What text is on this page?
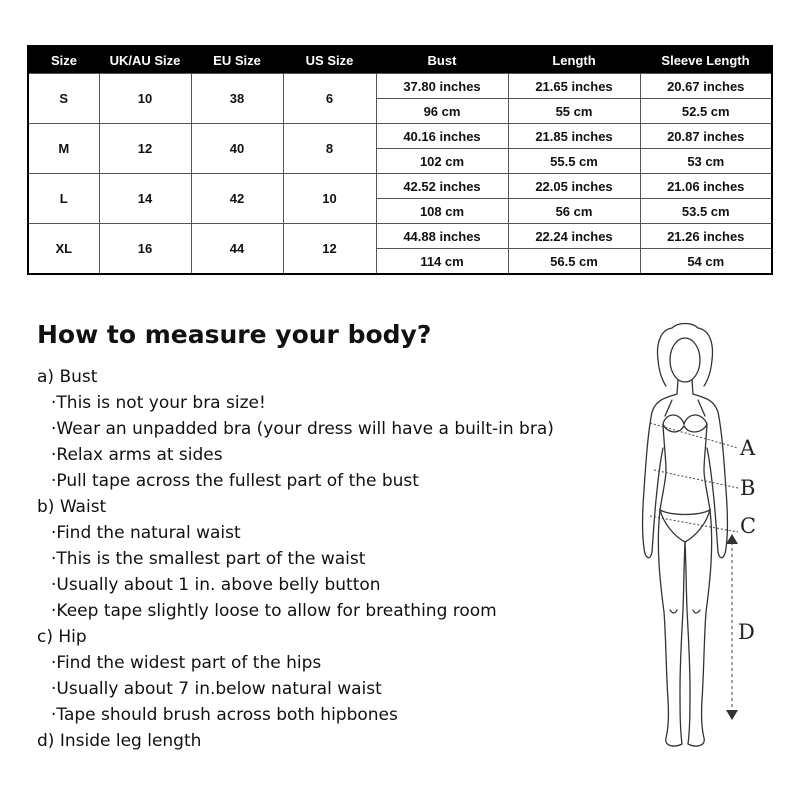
Size	UK/AU Size	EU Size	US Size	Bust	Length	Sleeve Length
S	10	38	6	37.80 inches	21.65 inches	20.67 inches
				96 cm	55 cm	52.5 cm
M	12	40	8	40.16 inches	21.85 inches	20.87 inches
				102 cm	55.5 cm	53 cm
L	14	42	10	42.52 inches	22.05 inches	21.06 inches
				108 cm	56 cm	53.5 cm
XL	16	44	12	44.88 inches	22.24 inches	21.26 inches
				114 cm	56.5 cm	54 cm
How to measure your body?
a) Bust
·This is not your bra size!
·Wear an unpadded bra (your dress will have a built-in bra)
·Relax arms at sides
·Pull tape across the fullest part of the bust
b) Waist
·Find the natural waist
·This is the smallest part of the waist
·Usually about 1 in. above belly button
·Keep tape slightly loose to allow for breathing room
c) Hip
·Find the widest part of the hips
·Usually about 7 in.below natural waist
·Tape should brush across both hipbones
d) Inside leg length
A
B
C
D
